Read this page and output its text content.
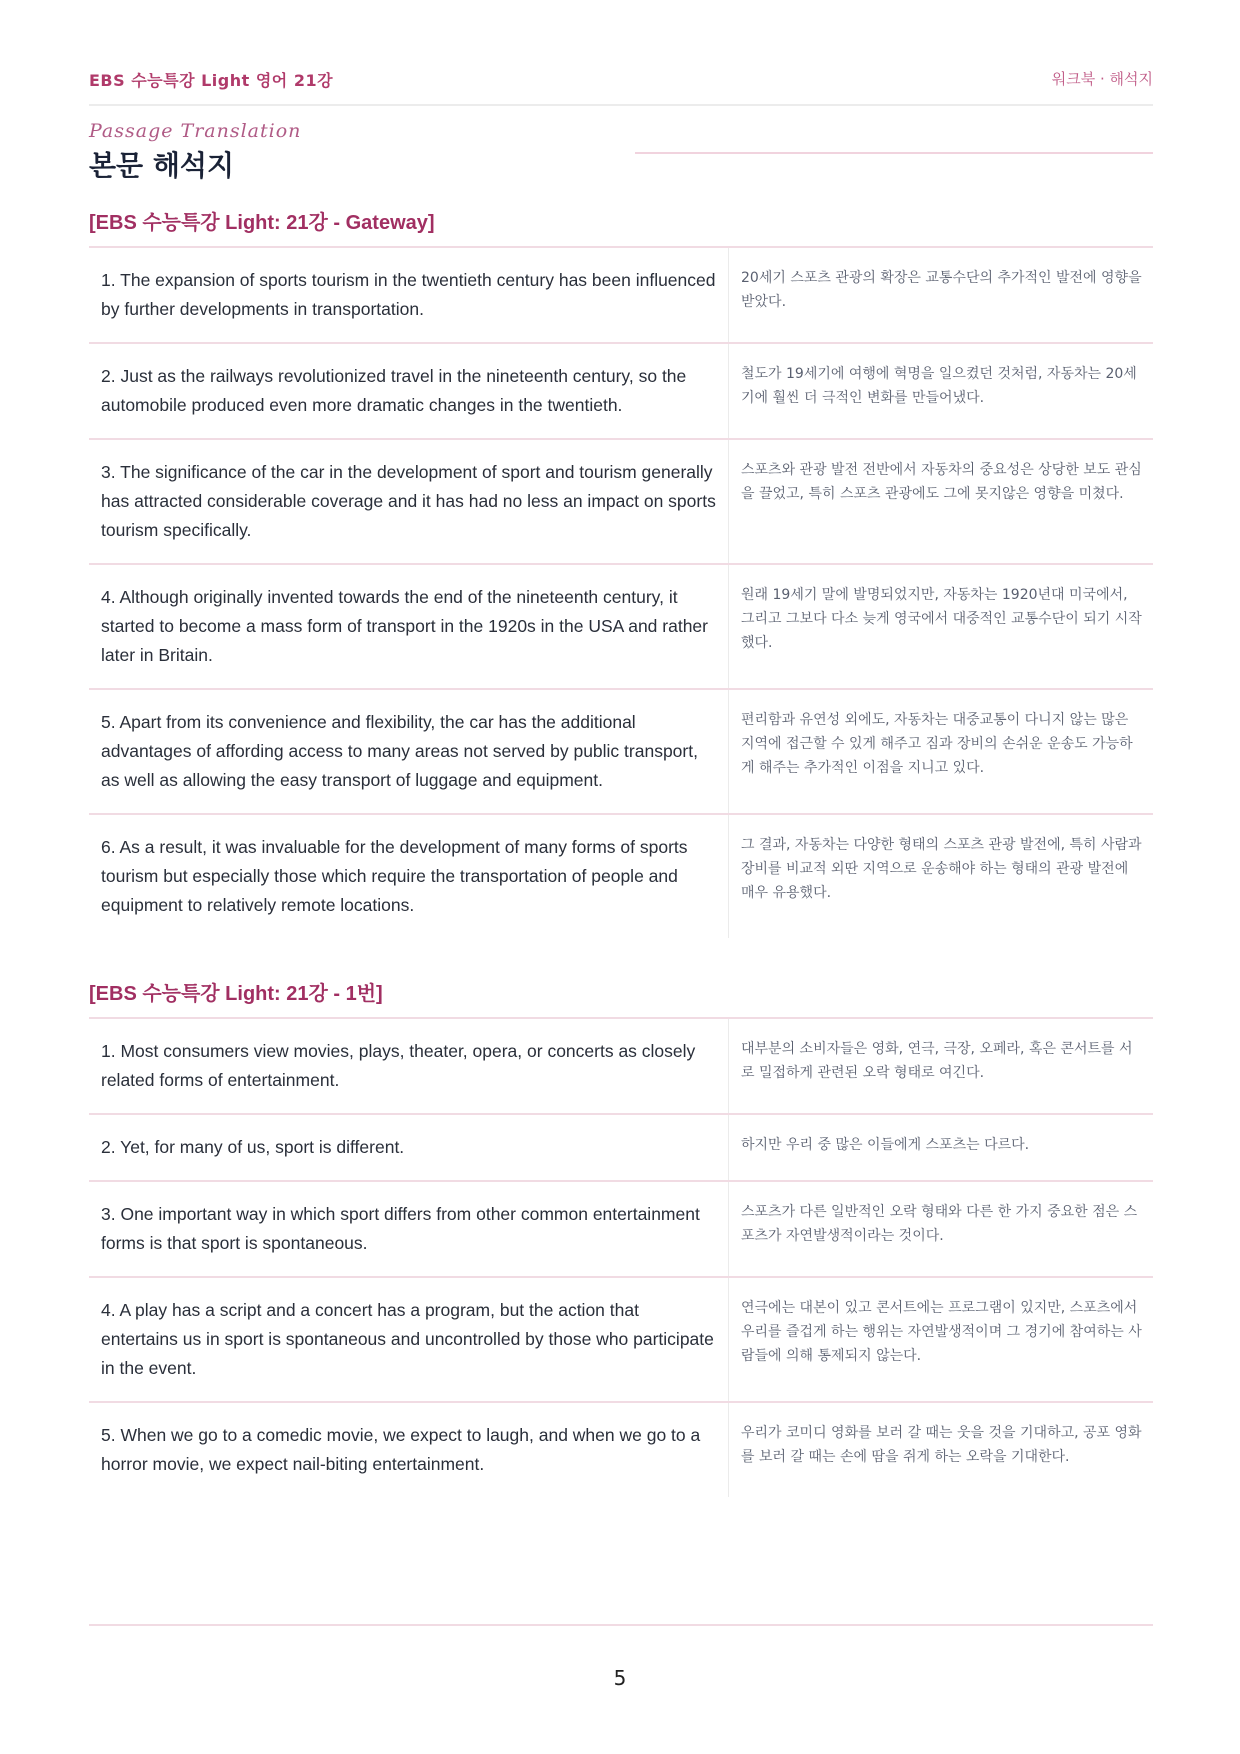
EBS 수능특강 Light 영어 21강	워크북 · 해석지
Passage Translation
본문 해석지
[EBS 수능특강 Light: 21강 - Gateway]
1. The expansion of sports tourism in the twentieth century has been influenced by further developments in transportation.
20세기 스포츠 관광의 확장은 교통수단의 추가적인 발전에 영향을 받았다.
2. Just as the railways revolutionized travel in the nineteenth century, so the automobile produced even more dramatic changes in the twentieth.
철도가 19세기에 여행에 혁명을 일으켰던 것처럼, 자동차는 20세기에 훨씬 더 극적인 변화를 만들어냈다.
3. The significance of the car in the development of sport and tourism generally has attracted considerable coverage and it has had no less an impact on sports tourism specifically.
스포츠와 관광 발전 전반에서 자동차의 중요성은 상당한 보도 관심을 끌었고, 특히 스포츠 관광에도 그에 못지않은 영향을 미쳤다.
4. Although originally invented towards the end of the nineteenth century, it started to become a mass form of transport in the 1920s in the USA and rather later in Britain.
원래 19세기 말에 발명되었지만, 자동차는 1920년대 미국에서, 그리고 그보다 다소 늦게 영국에서 대중적인 교통수단이 되기 시작했다.
5. Apart from its convenience and flexibility, the car has the additional advantages of affording access to many areas not served by public transport, as well as allowing the easy transport of luggage and equipment.
편리함과 유연성 외에도, 자동차는 대중교통이 다니지 않는 많은 지역에 접근할 수 있게 해주고 짐과 장비의 손쉬운 운송도 가능하게 해주는 추가적인 이점을 지니고 있다.
6. As a result, it was invaluable for the development of many forms of sports tourism but especially those which require the transportation of people and equipment to relatively remote locations.
그 결과, 자동차는 다양한 형태의 스포츠 관광 발전에, 특히 사람과 장비를 비교적 외딴 지역으로 운송해야 하는 형태의 관광 발전에 매우 유용했다.
[EBS 수능특강 Light: 21강 - 1번]
1. Most consumers view movies, plays, theater, opera, or concerts as closely related forms of entertainment.
대부분의 소비자들은 영화, 연극, 극장, 오페라, 혹은 콘서트를 서로 밀접하게 관련된 오락 형태로 여긴다.
2. Yet, for many of us, sport is different.	하지만 우리 중 많은 이들에게 스포츠는 다르다.
3. One important way in which sport differs from other common entertainment forms is that sport is spontaneous.
스포츠가 다른 일반적인 오락 형태와 다른 한 가지 중요한 점은 스포츠가 자연발생적이라는 것이다.
4. A play has a script and a concert has a program, but the action that entertains us in sport is spontaneous and uncontrolled by those who participate in the event.
연극에는 대본이 있고 콘서트에는 프로그램이 있지만, 스포츠에서 우리를 즐겁게 하는 행위는 자연발생적이며 그 경기에 참여하는 사람들에 의해 통제되지 않는다.
5. When we go to a comedic movie, we expect to laugh, and when we go to a horror movie, we expect nail-biting entertainment.
우리가 코미디 영화를 보러 갈 때는 웃을 것을 기대하고, 공포 영화를 보러 갈 때는 손에 땀을 쥐게 하는 오락을 기대한다.
5
